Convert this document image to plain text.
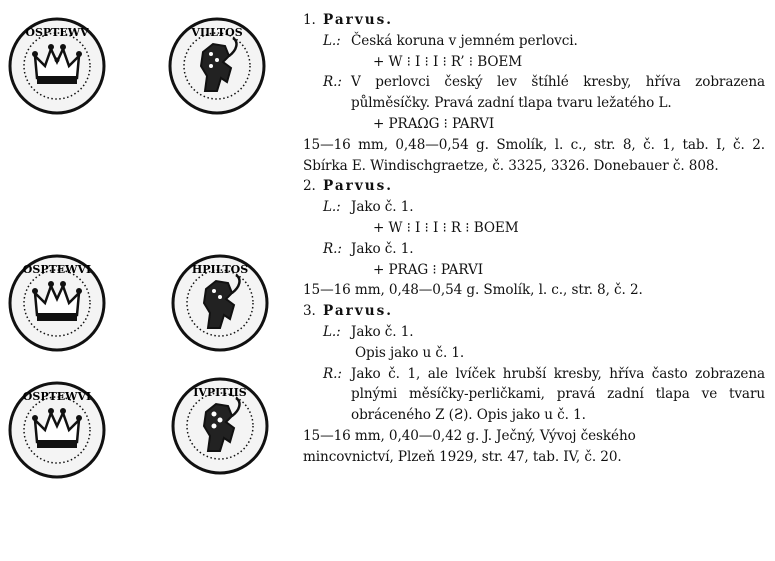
OSPTEWV	VIILTOS
OSPTEWVI	HPILTOS
OSPTEWVI	IVPITIIS
1. Parvus.
L.: Česká koruna v jemném perlovci.
+ W ⁝ I ⁝ I ⁝ R’ ⁝ BOEM
R.: V perlovci český lev štíhlé kresby, hříva zobrazena půlměsíčky. Pravá zadní tlapa tvaru ležatého L.
+ PRAΩG ⁝ PARVI
15—16 mm, 0,48—0,54 g. Smolík, l. c., str. 8, č. 1, tab. I, č. 2. Sbírka E. Windischgraetze, č. 3325, 3326. Donebauer č. 808.
2. Parvus.
L.: Jako č. 1.
+ W ⁝ I ⁝ I ⁝ R ⁝ BOEM
R.: Jako č. 1.
+ PRAG ⁝ PARVI
15—16 mm, 0,48—0,54 g. Smolík, l. c., str. 8, č. 2.
3. Parvus.
L.: Jako č. 1.
Opis jako u č. 1.
R.: Jako č. 1, ale lvíček hrubší kresby, hříva často zobrazena plnými měsíčky-perličkami, pravá zadní tlapa ve tvaru obráceného Z (Ƨ). Opis jako u č. 1.
15—16 mm, 0,40—0,42 g. J. Ječný, Vývoj českého
mincovnictví, Plzeň 1929, str. 47, tab. IV, č. 20.
